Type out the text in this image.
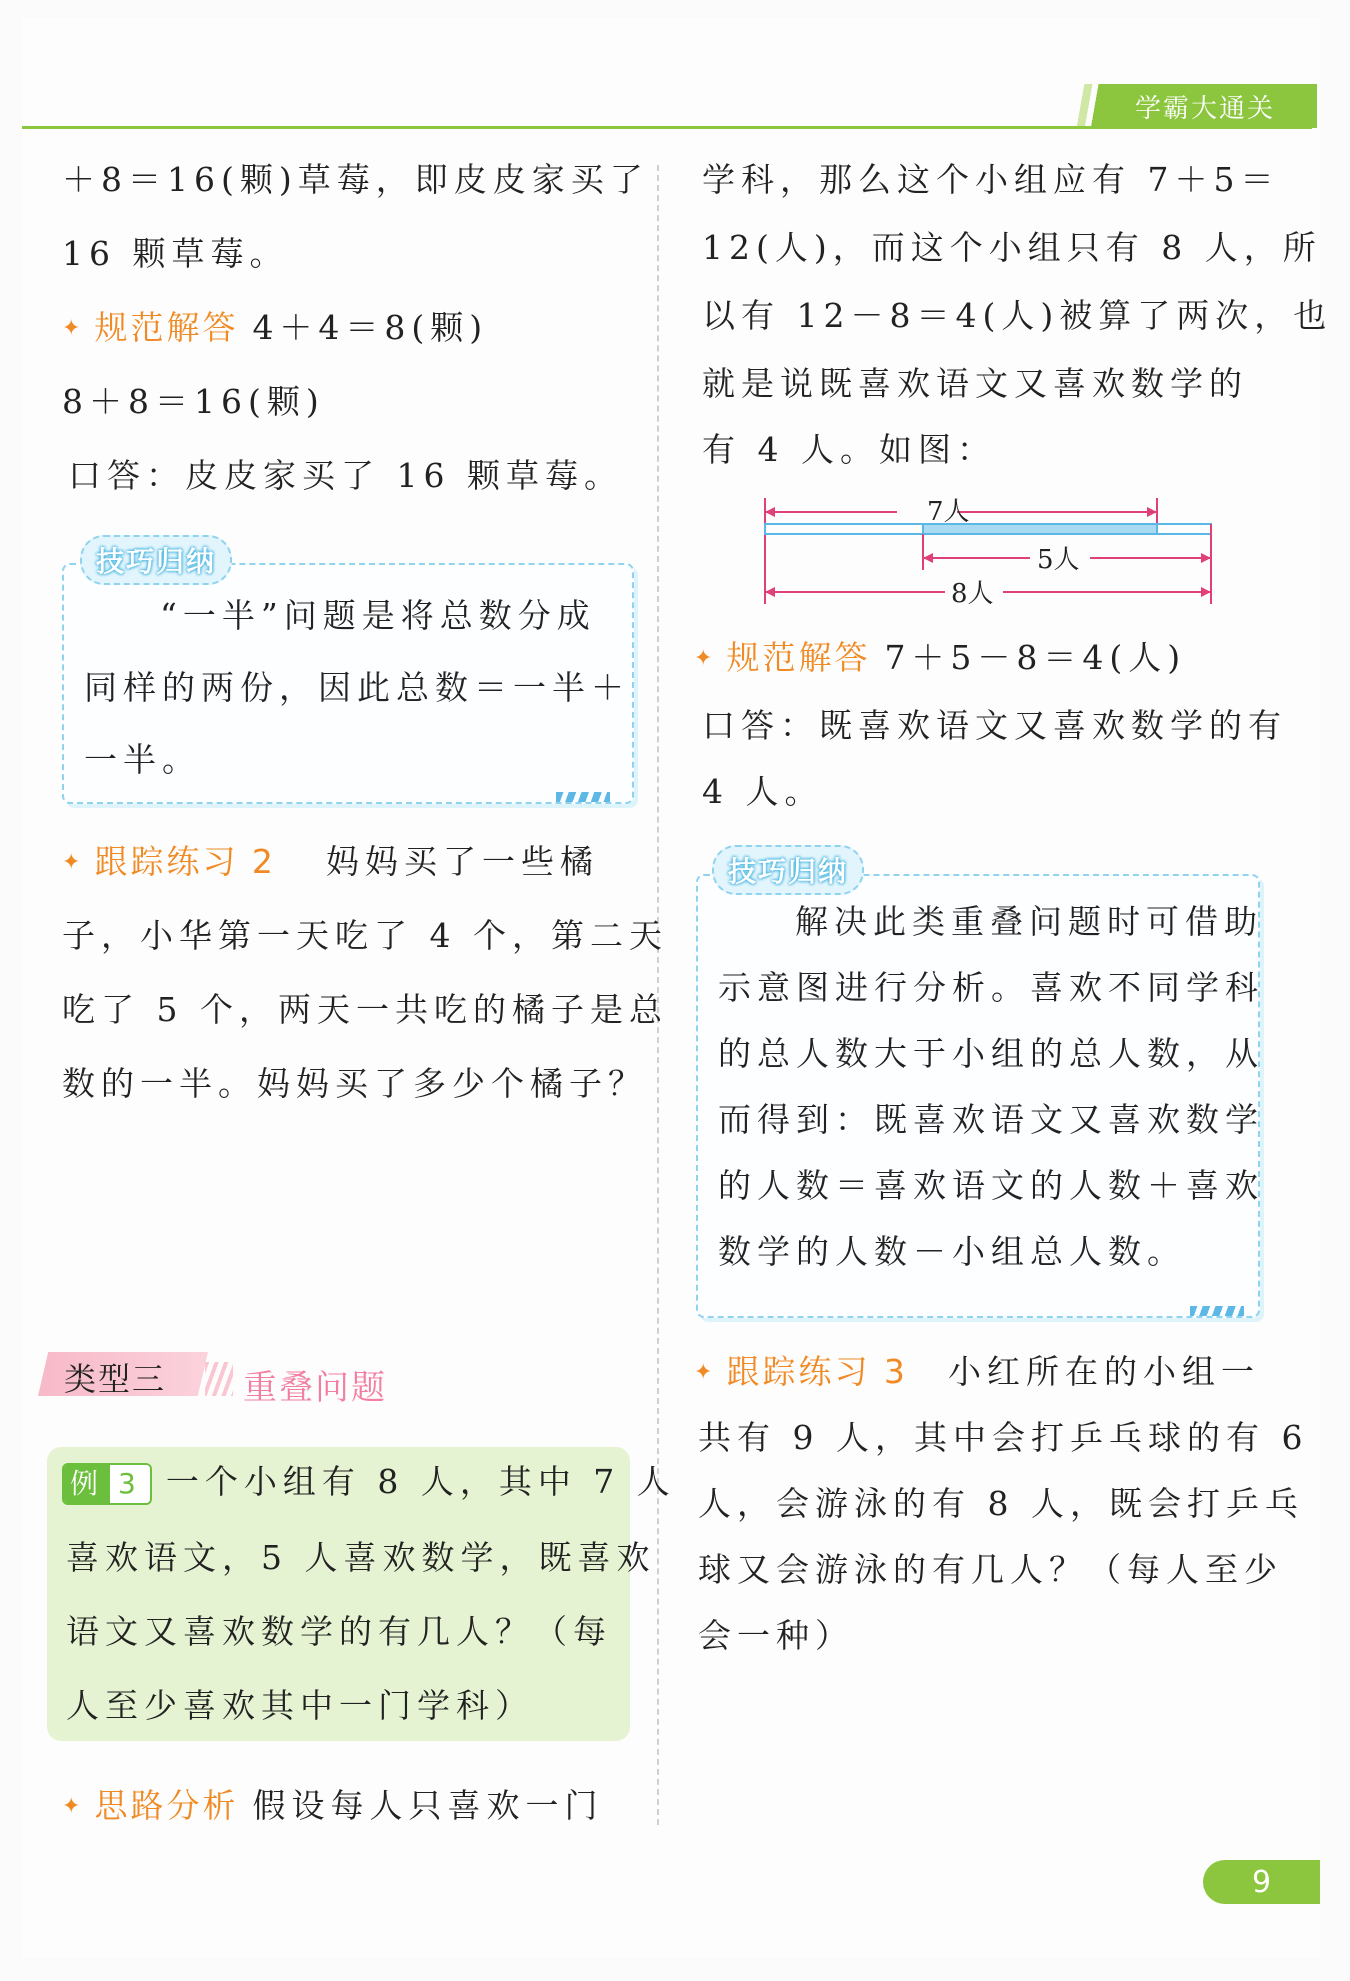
学霸大通关
＋8＝16(颗)草莓，即皮皮家买了
16 颗草莓。
✦ 规范解答 4＋4＝8(颗)
8＋8＝16(颗)
口答：皮皮家买了 16 颗草莓。
技巧归纳
“一半”问题是将总数分成
同样的两份，因此总数＝一半＋
一半。
✦ 跟踪练习 2 妈妈买了一些橘
子，小华第一天吃了 4 个，第二天
吃了 5 个，两天一共吃的橘子是总
数的一半。妈妈买了多少个橘子？
类型三 重叠问题
例 3 一个小组有 8 人，其中 7 人
喜欢语文，5 人喜欢数学，既喜欢
语文又喜欢数学的有几人？（每
人至少喜欢其中一门学科）
✦ 思路分析 假设每人只喜欢一门
学科，那么这个小组应有 7＋5＝
12(人)，而这个小组只有 8 人，所
以有 12－8＝4(人)被算了两次，也
就是说既喜欢语文又喜欢数学的
有 4 人。如图：
7人
5人
8人
✦ 规范解答 7＋5－8＝4(人)
口答：既喜欢语文又喜欢数学的有
4 人。
技巧归纳
解决此类重叠问题时可借助
示意图进行分析。喜欢不同学科
的总人数大于小组的总人数，从
而得到：既喜欢语文又喜欢数学
的人数＝喜欢语文的人数＋喜欢
数学的人数－小组总人数。
✦ 跟踪练习 3 小红所在的小组一
共有 9 人，其中会打乒乓球的有 6
人，会游泳的有 8 人，既会打乒乓
球又会游泳的有几人？（每人至少
会一种）
9
